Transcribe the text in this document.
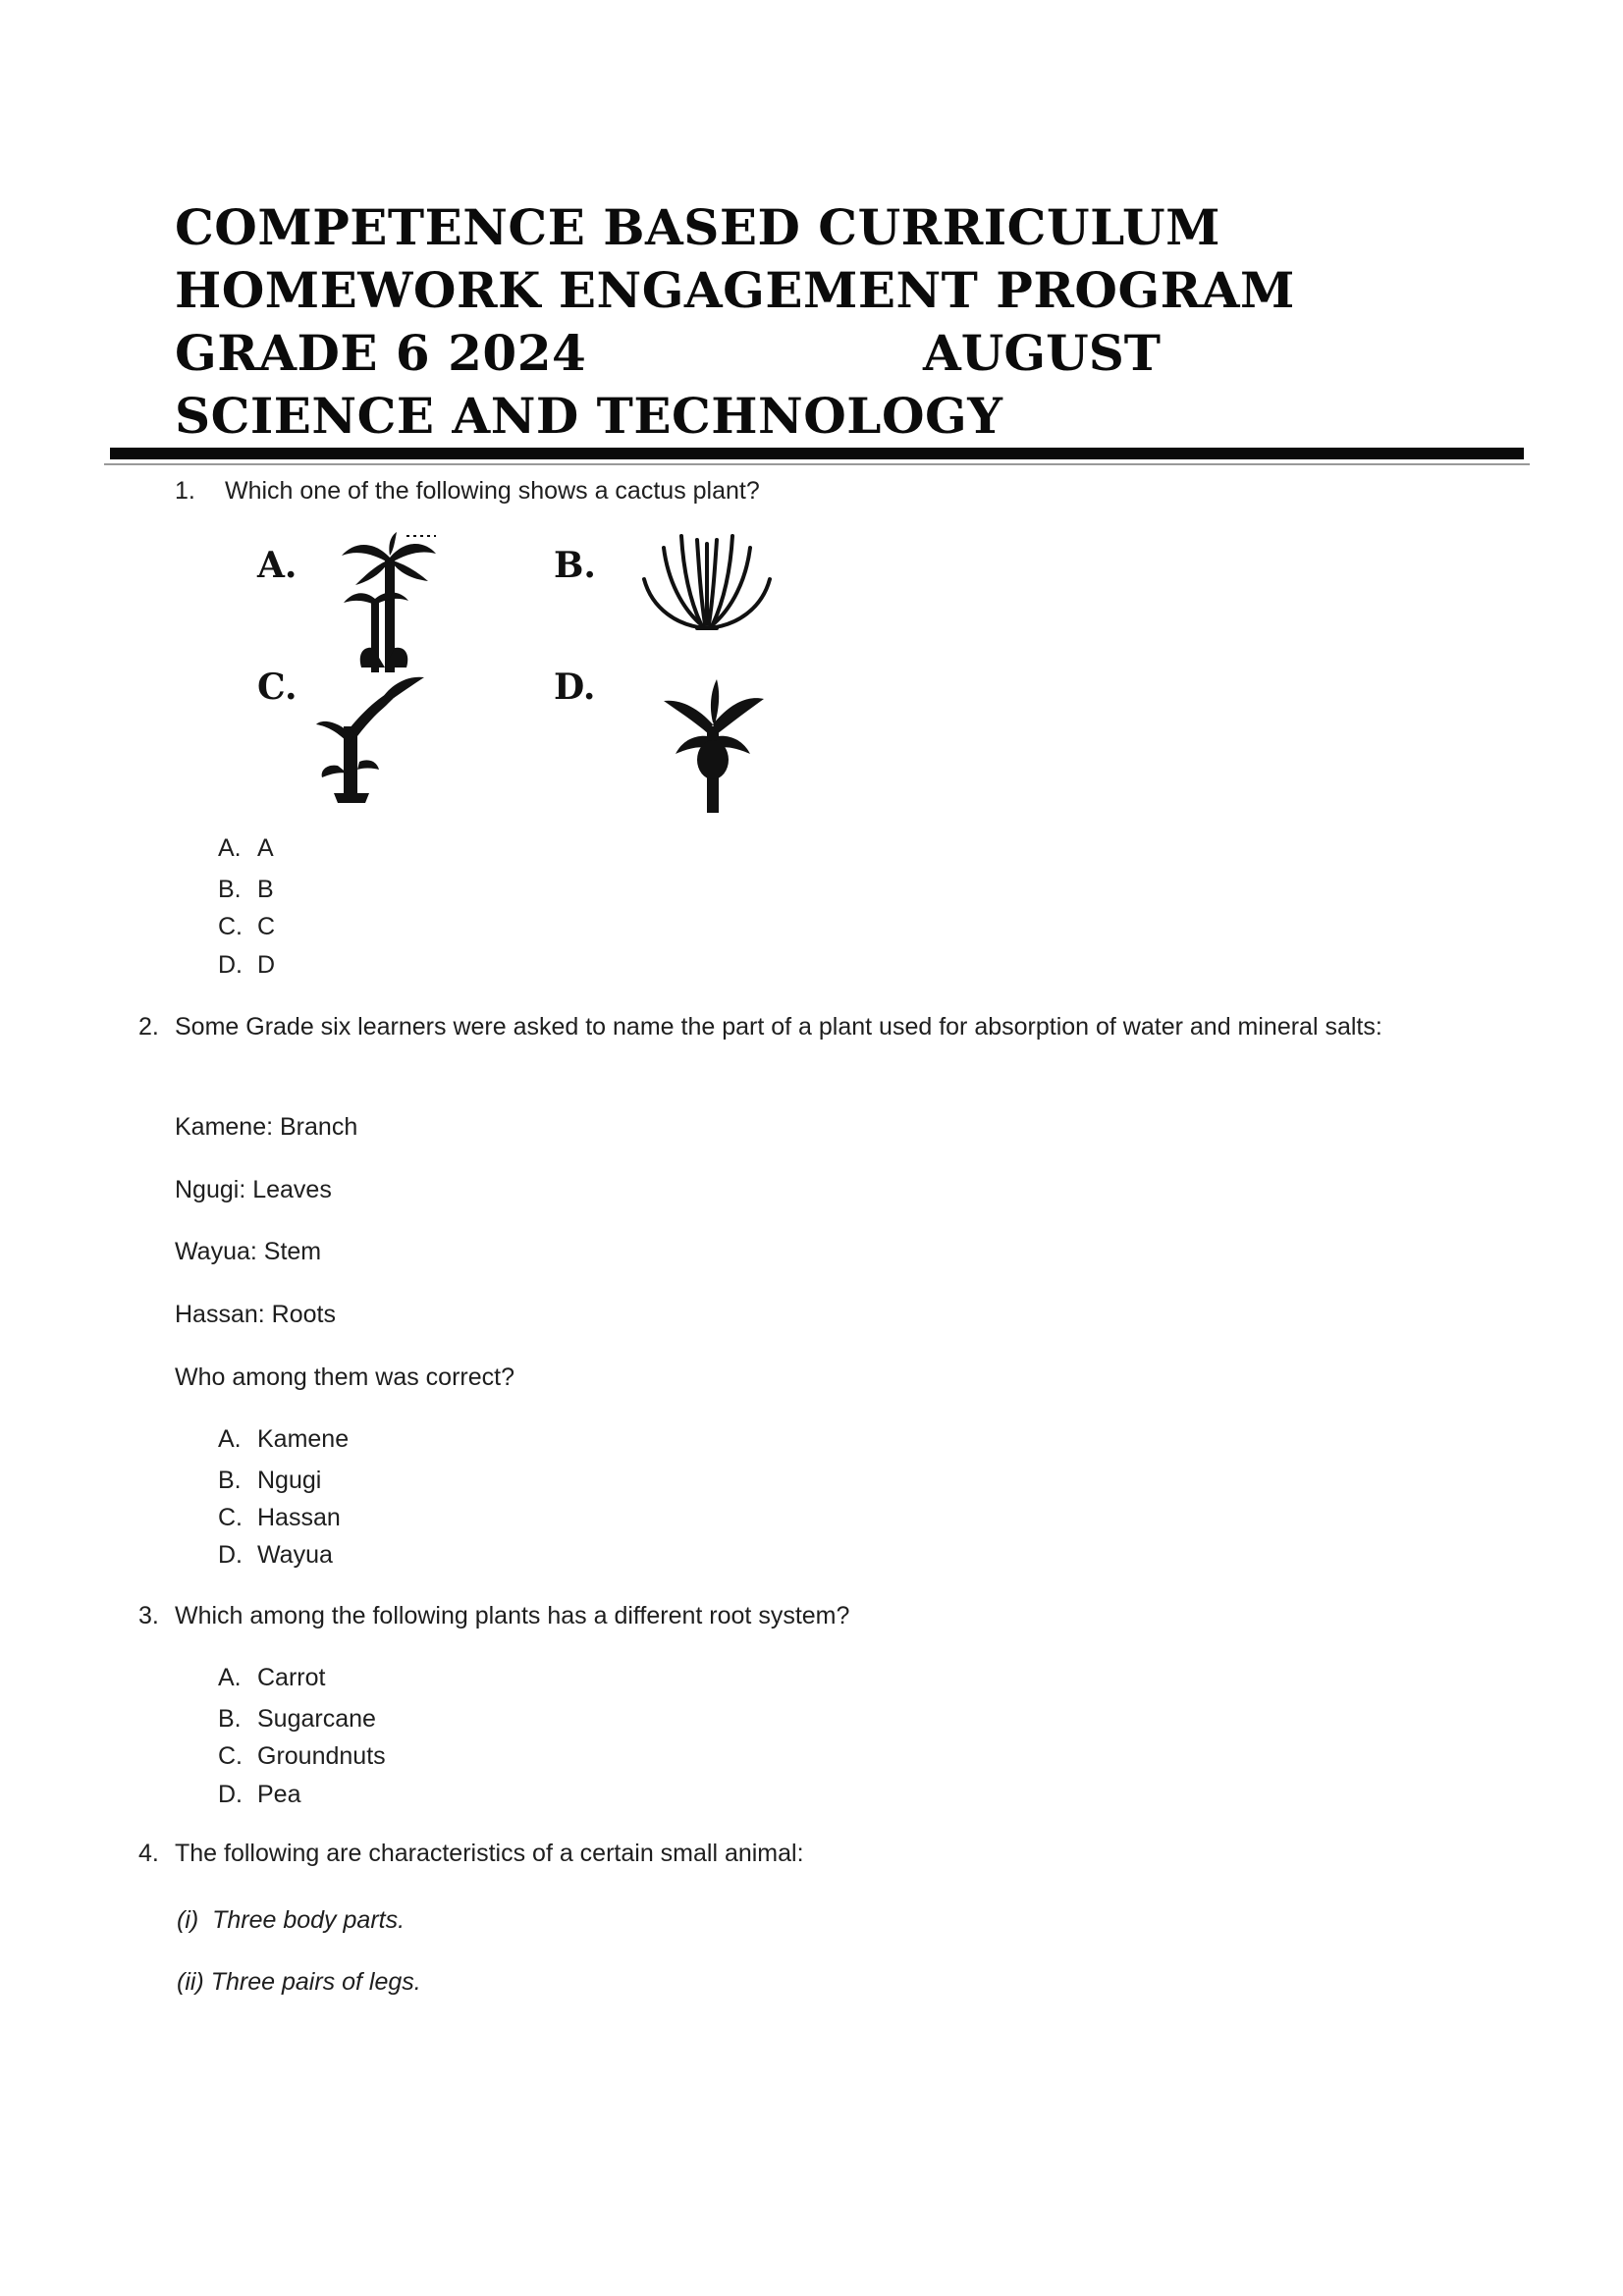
COMPETENCE BASED CURRICULUM

HOMEWORK ENGAGEMENT PROGRAM

GRADE 6 2024	AUGUST

SCIENCE AND TECHNOLOGY

1. Which one of the following shows a cactus plant?
A.	B.
C.	D.
A. A
B. B
C. C
D. D
2. Some Grade six learners were asked to name the part of a plant used for absorption of water and mineral salts:
Kamene: Branch
Ngugi: Leaves
Wayua: Stem
Hassan: Roots
Who among them was correct?
A. Kamene
B. Ngugi
C. Hassan
D. Wayua
3. Which among the following plants has a different root system?
A. Carrot
B. Sugarcane
C. Groundnuts
D. Pea
4. The following are characteristics of a certain small animal:
(i)  Three body parts.
(ii) Three pairs of legs.
